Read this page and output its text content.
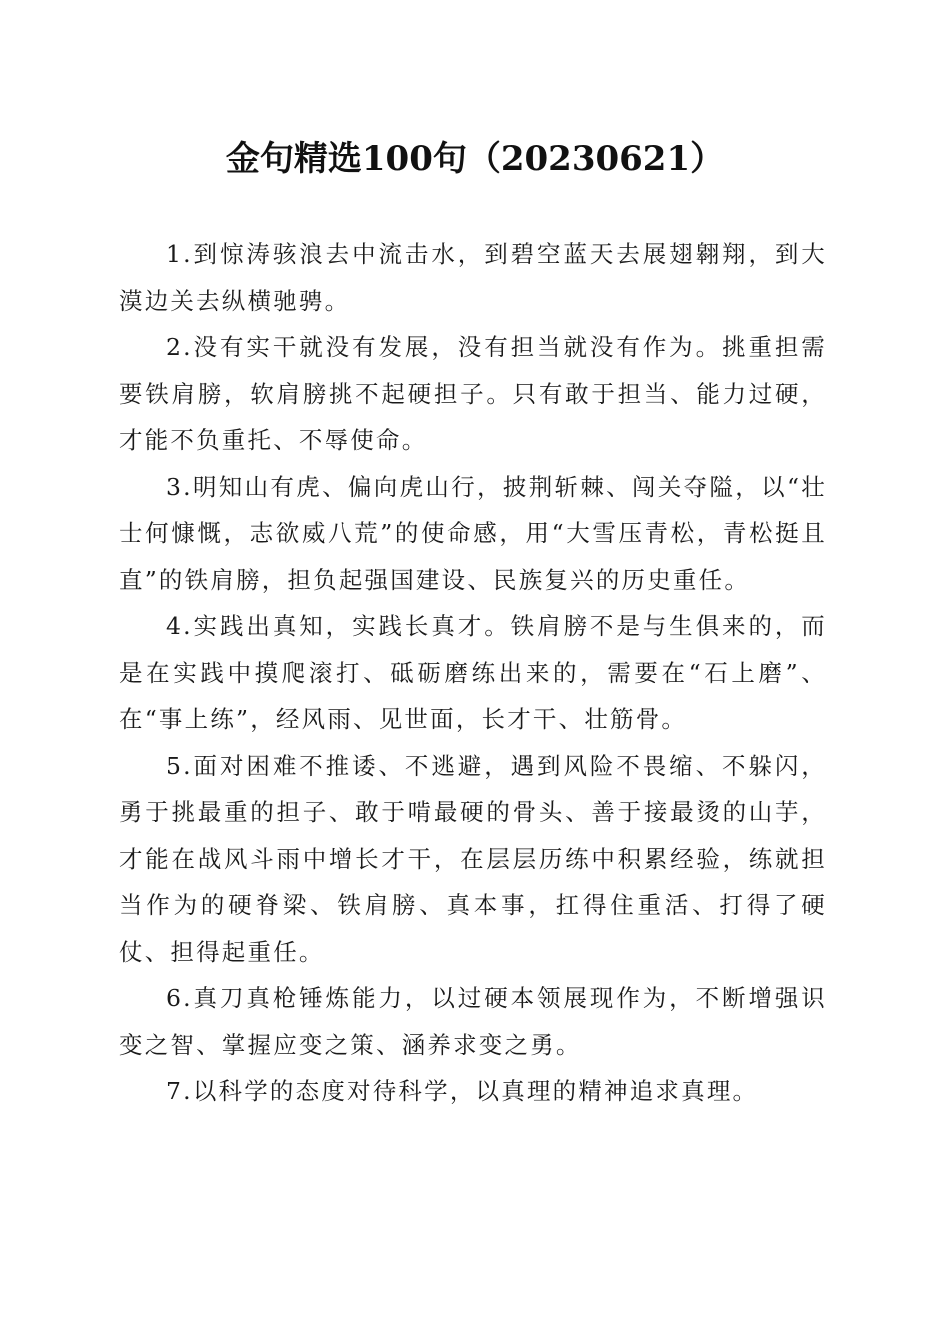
金句精选100句（20230621）

1.到惊涛骇浪去中流击水，到碧空蓝天去展翅翱翔，到大漠边关去纵横驰骋。

2.没有实干就没有发展，没有担当就没有作为。挑重担需要铁肩膀，软肩膀挑不起硬担子。只有敢于担当、能力过硬，才能不负重托、不辱使命。

3.明知山有虎、偏向虎山行，披荆斩棘、闯关夺隘，以“壮士何慷慨，志欲威八荒”的使命感，用“大雪压青松，青松挺且直”的铁肩膀，担负起强国建设、民族复兴的历史重任。

4.实践出真知，实践长真才。铁肩膀不是与生俱来的，而是在实践中摸爬滚打、砥砺磨练出来的，需要在“石上磨”、在“事上练”，经风雨、见世面，长才干、壮筋骨。

5.面对困难不推诿、不逃避，遇到风险不畏缩、不躲闪，勇于挑最重的担子、敢于啃最硬的骨头、善于接最烫的山芋，才能在战风斗雨中增长才干，在层层历练中积累经验，练就担当作为的硬脊梁、铁肩膀、真本事，扛得住重活、打得了硬仗、担得起重任。

6.真刀真枪锤炼能力，以过硬本领展现作为，不断增强识变之智、掌握应变之策、涵养求变之勇。

7.以科学的态度对待科学，以真理的精神追求真理。
